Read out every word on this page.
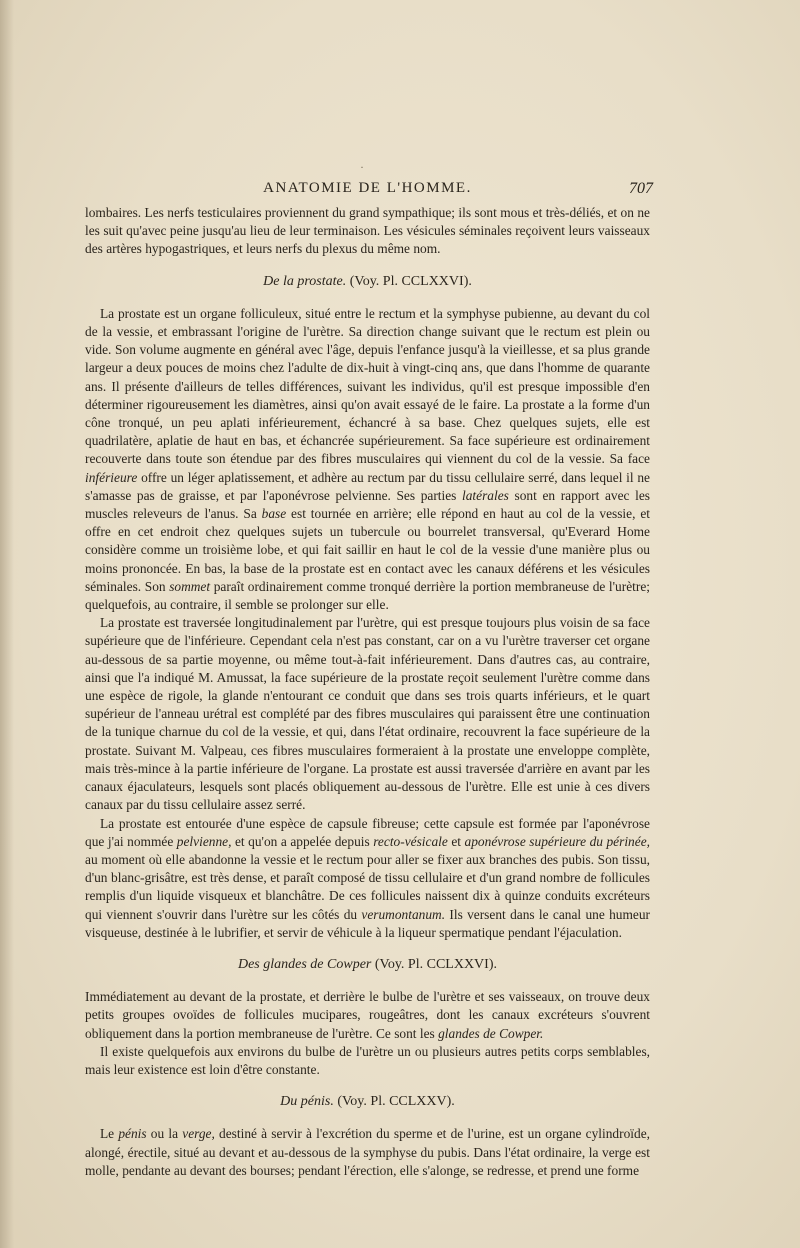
·
ANATOMIE DE L'HOMME.	707

lombaires. Les nerfs testiculaires proviennent du grand sympathique; ils sont mous et très-déliés, et on ne les suit qu'avec peine jusqu'au lieu de leur terminaison. Les vésicules séminales reçoivent leurs vaisseaux des artères hypogastriques, et leurs nerfs du plexus du même nom.

De la prostate. (Voy. Pl. CCLXXVI).

La prostate est un organe folliculeux, situé entre le rectum et la symphyse pubienne, au devant du col de la vessie, et embrassant l'origine de l'urètre. Sa direction change suivant que le rectum est plein ou vide. Son volume augmente en général avec l'âge, depuis l'enfance jusqu'à la vieillesse, et sa plus grande largeur a deux pouces de moins chez l'adulte de dix-huit à vingt-cinq ans, que dans l'homme de quarante ans. Il présente d'ailleurs de telles différences, suivant les individus, qu'il est presque impossible d'en déterminer rigoureusement les diamètres, ainsi qu'on avait essayé de le faire. La prostate a la forme d'un cône tronqué, un peu aplati inférieurement, échancré à sa base. Chez quelques sujets, elle est quadrilatère, aplatie de haut en bas, et échancrée supérieurement. Sa face supérieure est ordinairement recouverte dans toute son étendue par des fibres musculaires qui viennent du col de la vessie. Sa face inférieure offre un léger aplatissement, et adhère au rectum par du tissu cellulaire serré, dans lequel il ne s'amasse pas de graisse, et par l'aponévrose pelvienne. Ses parties latérales sont en rapport avec les muscles releveurs de l'anus. Sa base est tournée en arrière; elle répond en haut au col de la vessie, et offre en cet endroit chez quelques sujets un tubercule ou bourrelet transversal, qu'Everard Home considère comme un troisième lobe, et qui fait saillir en haut le col de la vessie d'une manière plus ou moins prononcée. En bas, la base de la prostate est en contact avec les canaux déférens et les vésicules séminales. Son sommet paraît ordinairement comme tronqué derrière la portion membraneuse de l'urètre; quelquefois, au contraire, il semble se prolonger sur elle.

La prostate est traversée longitudinalement par l'urètre, qui est presque toujours plus voisin de sa face supérieure que de l'inférieure. Cependant cela n'est pas constant, car on a vu l'urètre traverser cet organe au-dessous de sa partie moyenne, ou même tout-à-fait inférieurement. Dans d'autres cas, au contraire, ainsi que l'a indiqué M. Amussat, la face supérieure de la prostate reçoit seulement l'urètre comme dans une espèce de rigole, la glande n'entourant ce conduit que dans ses trois quarts inférieurs, et le quart supérieur de l'anneau urétral est complété par des fibres musculaires qui paraissent être une continuation de la tunique charnue du col de la vessie, et qui, dans l'état ordinaire, recouvrent la face supérieure de la prostate. Suivant M. Valpeau, ces fibres musculaires formeraient à la prostate une enveloppe complète, mais très-mince à la partie inférieure de l'organe. La prostate est aussi traversée d'arrière en avant par les canaux éjaculateurs, lesquels sont placés obliquement au-dessous de l'urètre. Elle est unie à ces divers canaux par du tissu cellulaire assez serré.

La prostate est entourée d'une espèce de capsule fibreuse; cette capsule est formée par l'aponévrose que j'ai nommée pelvienne, et qu'on a appelée depuis recto-vésicale et aponévrose supérieure du périnée, au moment où elle abandonne la vessie et le rectum pour aller se fixer aux branches des pubis. Son tissu, d'un blanc-grisâtre, est très dense, et paraît composé de tissu cellulaire et d'un grand nombre de follicules remplis d'un liquide visqueux et blanchâtre. De ces follicules naissent dix à quinze conduits excréteurs qui viennent s'ouvrir dans l'urètre sur les côtés du verumontanum. Ils versent dans le canal une humeur visqueuse, destinée à le lubrifier, et servir de véhicule à la liqueur spermatique pendant l'éjaculation.

Des glandes de Cowper (Voy. Pl. CCLXXVI).

Immédiatement au devant de la prostate, et derrière le bulbe de l'urètre et ses vaisseaux, on trouve deux petits groupes ovoïdes de follicules mucipares, rougeâtres, dont les canaux excréteurs s'ouvrent obliquement dans la portion membraneuse de l'urètre. Ce sont les glandes de Cowper.

Il existe quelquefois aux environs du bulbe de l'urètre un ou plusieurs autres petits corps semblables, mais leur existence est loin d'être constante.

Du pénis. (Voy. Pl. CCLXXV).

Le pénis ou la verge, destiné à servir à l'excrétion du sperme et de l'urine, est un organe cylindroïde, alongé, érectile, situé au devant et au-dessous de la symphyse du pubis. Dans l'état ordinaire, la verge est molle, pendante au devant des bourses; pendant l'érection, elle s'alonge, se redresse, et prend une forme
